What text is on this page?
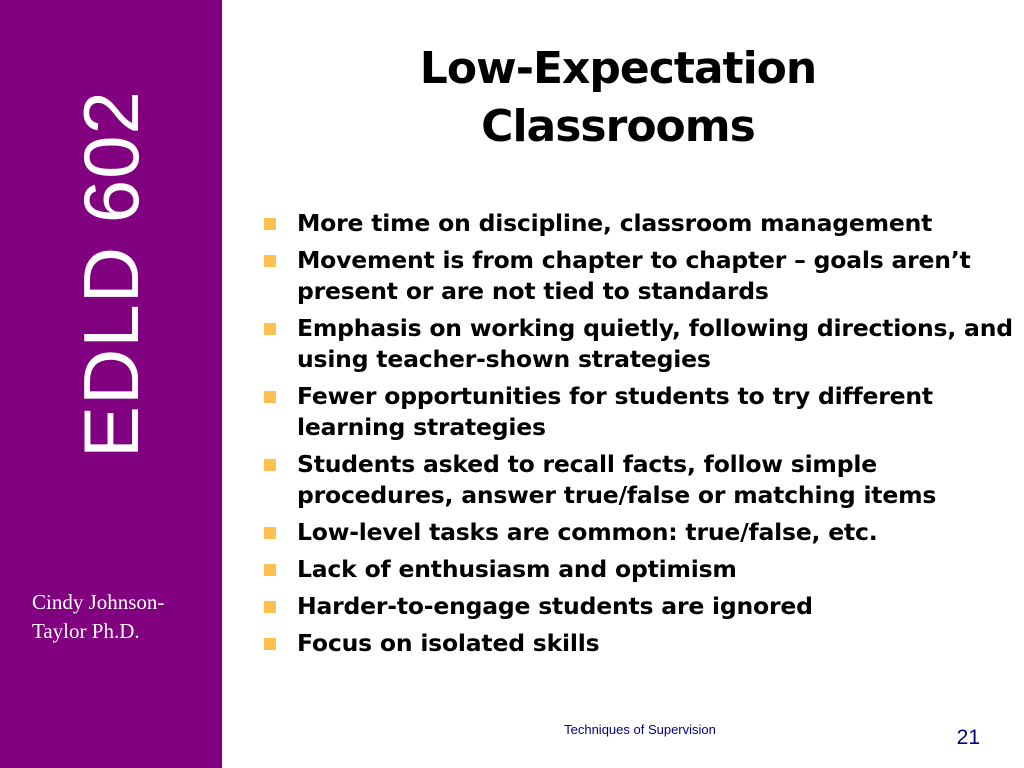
EDLD 602
Cindy Johnson-Taylor Ph.D.
Low-Expectation Classrooms
More time on discipline, classroom management
Movement is from chapter to chapter – goals aren’t present or are not tied to standards
Emphasis on working quietly, following directions, and using teacher-shown strategies
Fewer opportunities for students to try different learning strategies
Students asked to recall facts, follow simple procedures, answer true/false or matching items
Low-level tasks are common: true/false, etc.
Lack of enthusiasm and optimism
Harder-to-engage students are ignored
Focus on isolated skills
Techniques of Supervision	21
